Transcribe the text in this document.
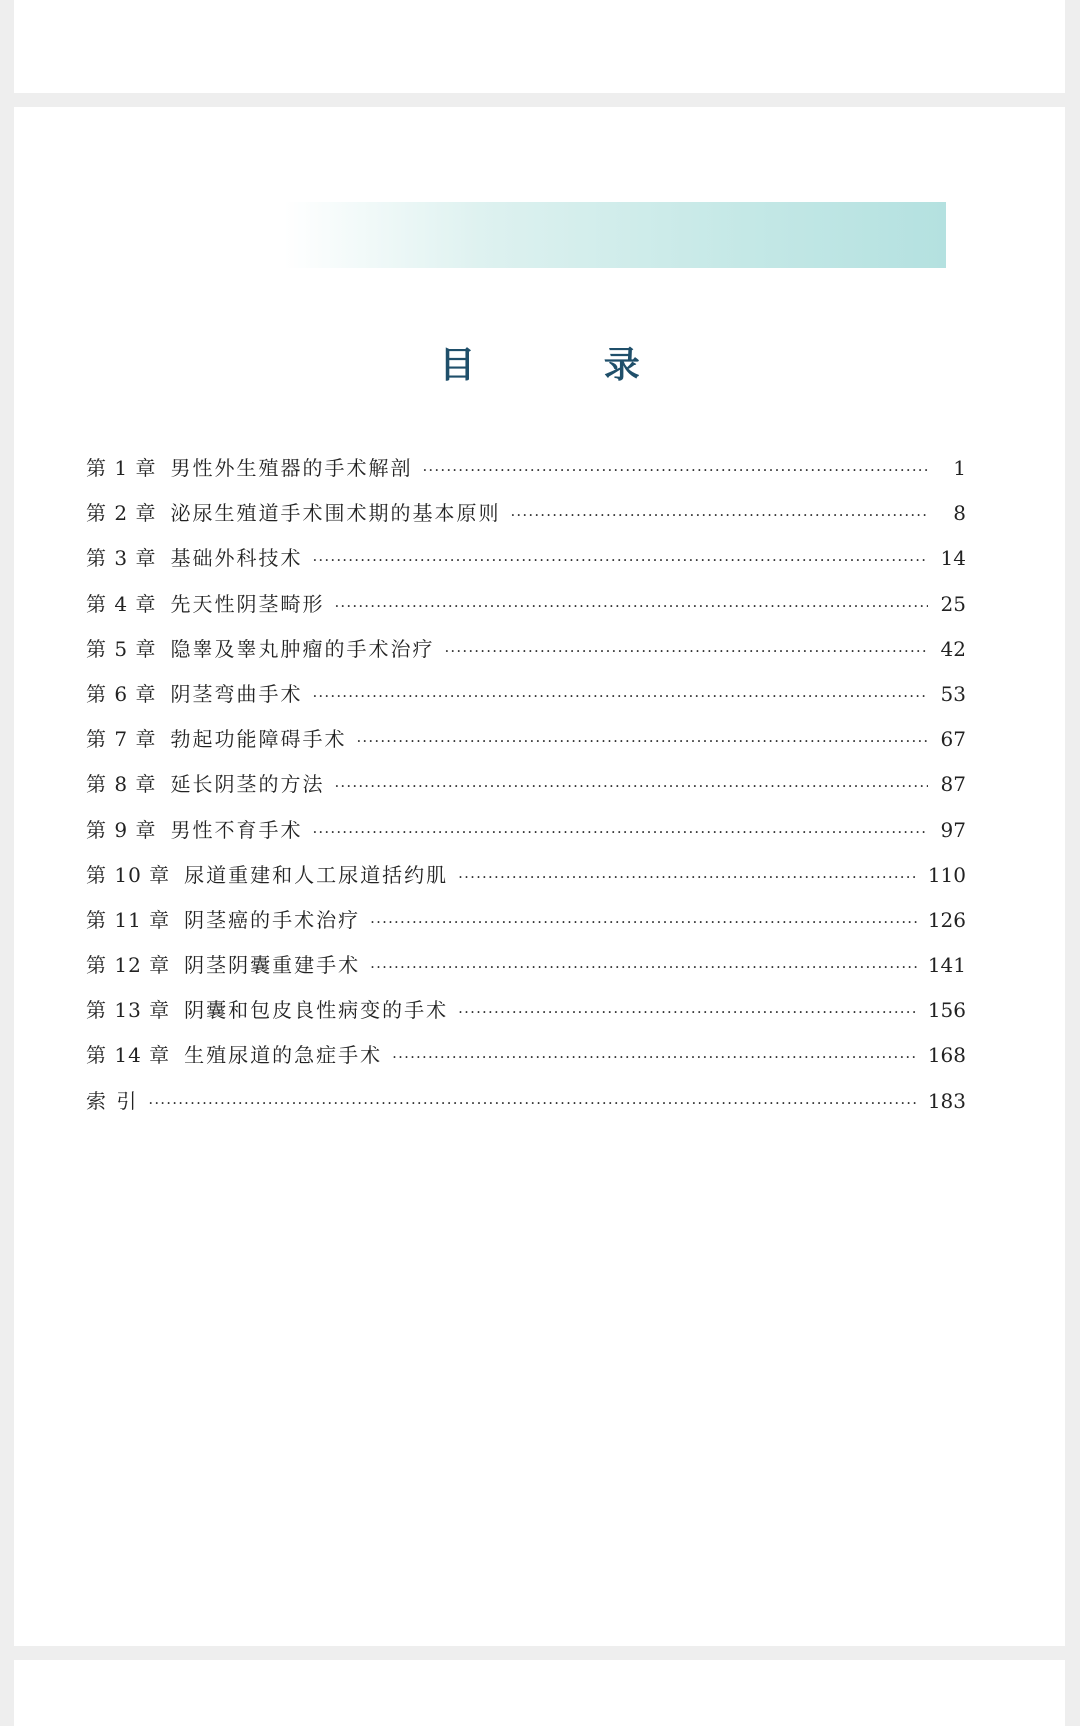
目 录
第 1 章 男性外生殖器的手术解剖 ·····	1
第 2 章 泌尿生殖道手术围术期的基本原则 ·····	8
第 3 章 基础外科技术 ·····	14
第 4 章 先天性阴茎畸形 ·····	25
第 5 章 隐睾及睾丸肿瘤的手术治疗 ·····	42
第 6 章 阴茎弯曲手术 ·····	53
第 7 章 勃起功能障碍手术 ·····	67
第 8 章 延长阴茎的方法 ·····	87
第 9 章 男性不育手术 ·····	97
第 10 章 尿道重建和人工尿道括约肌 ·····	110
第 11 章 阴茎癌的手术治疗 ·····	126
第 12 章 阴茎阴囊重建手术 ·····	141
第 13 章 阴囊和包皮良性病变的手术 ·····	156
第 14 章 生殖尿道的急症手术 ·····	168
索 引 ·····	183
